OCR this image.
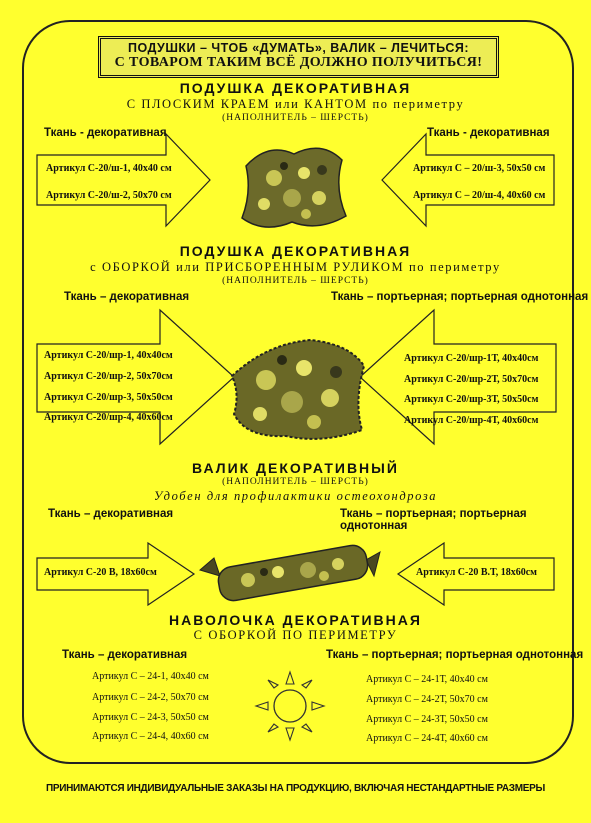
ПОДУШКИ – ЧТОБ «ДУМАТЬ», ВАЛИК – ЛЕЧИТЬСЯ:
С ТОВАРОМ ТАКИМ ВСЁ ДОЛЖНО ПОЛУЧИТЬСЯ!
ПОДУШКА ДЕКОРАТИВНАЯ
С ПЛОСКИМ КРАЕМ или КАНТОМ по периметру
(НАПОЛНИТЕЛЬ – ШЕРСТЬ)
Ткань - декоративная	Ткань - декоративная
Артикул С-20/ш-1, 40х40 см
Артикул С-20/ш-2, 50х70 см
Артикул С – 20/ш-3, 50х50 см
Артикул С – 20/ш-4, 40х60 см
ПОДУШКА ДЕКОРАТИВНАЯ
с ОБОРКОЙ или ПРИСБОРЕННЫМ РУЛИКОМ по периметру
(НАПОЛНИТЕЛЬ – ШЕРСТЬ)
Ткань – декоративная	Ткань – портьерная; портьерная однотонная
Артикул С-20/шр-1, 40х40см
Артикул С-20/шр-2, 50х70см
Артикул С-20/шр-3, 50х50см
Артикул С-20/шр-4, 40х60см
Артикул С-20/шр-1Т, 40х40см
Артикул С-20/шр-2Т, 50х70см
Артикул С-20/шр-3Т, 50х50см
Артикул С-20/шр-4Т, 40х60см
ВАЛИК ДЕКОРАТИВНЫЙ
(НАПОЛНИТЕЛЬ – ШЕРСТЬ)
Удобен для профилактики остеохондроза
Ткань – декоративная	Ткань – портьерная; портьерная однотонная
Артикул С-20 В, 18х60см	Артикул С-20 В.Т, 18х60см
НАВОЛОЧКА ДЕКОРАТИВНАЯ
С ОБОРКОЙ ПО ПЕРИМЕТРУ
Ткань – декоративная	Ткань – портьерная; портьерная однотонная
Артикул С – 24-1, 40х40 см
Артикул С – 24-2, 50х70 см
Артикул С – 24-3, 50х50 см
Артикул С – 24-4, 40х60 см
Артикул С – 24-1Т, 40х40 см
Артикул С – 24-2Т, 50х70 см
Артикул С – 24-3Т, 50х50 см
Артикул С – 24-4Т, 40х60 см
ПРИНИМАЮТСЯ ИНДИВИДУАЛЬНЫЕ ЗАКАЗЫ НА ПРОДУКЦИЮ, ВКЛЮЧАЯ НЕСТАНДАРТНЫЕ РАЗМЕРЫ
